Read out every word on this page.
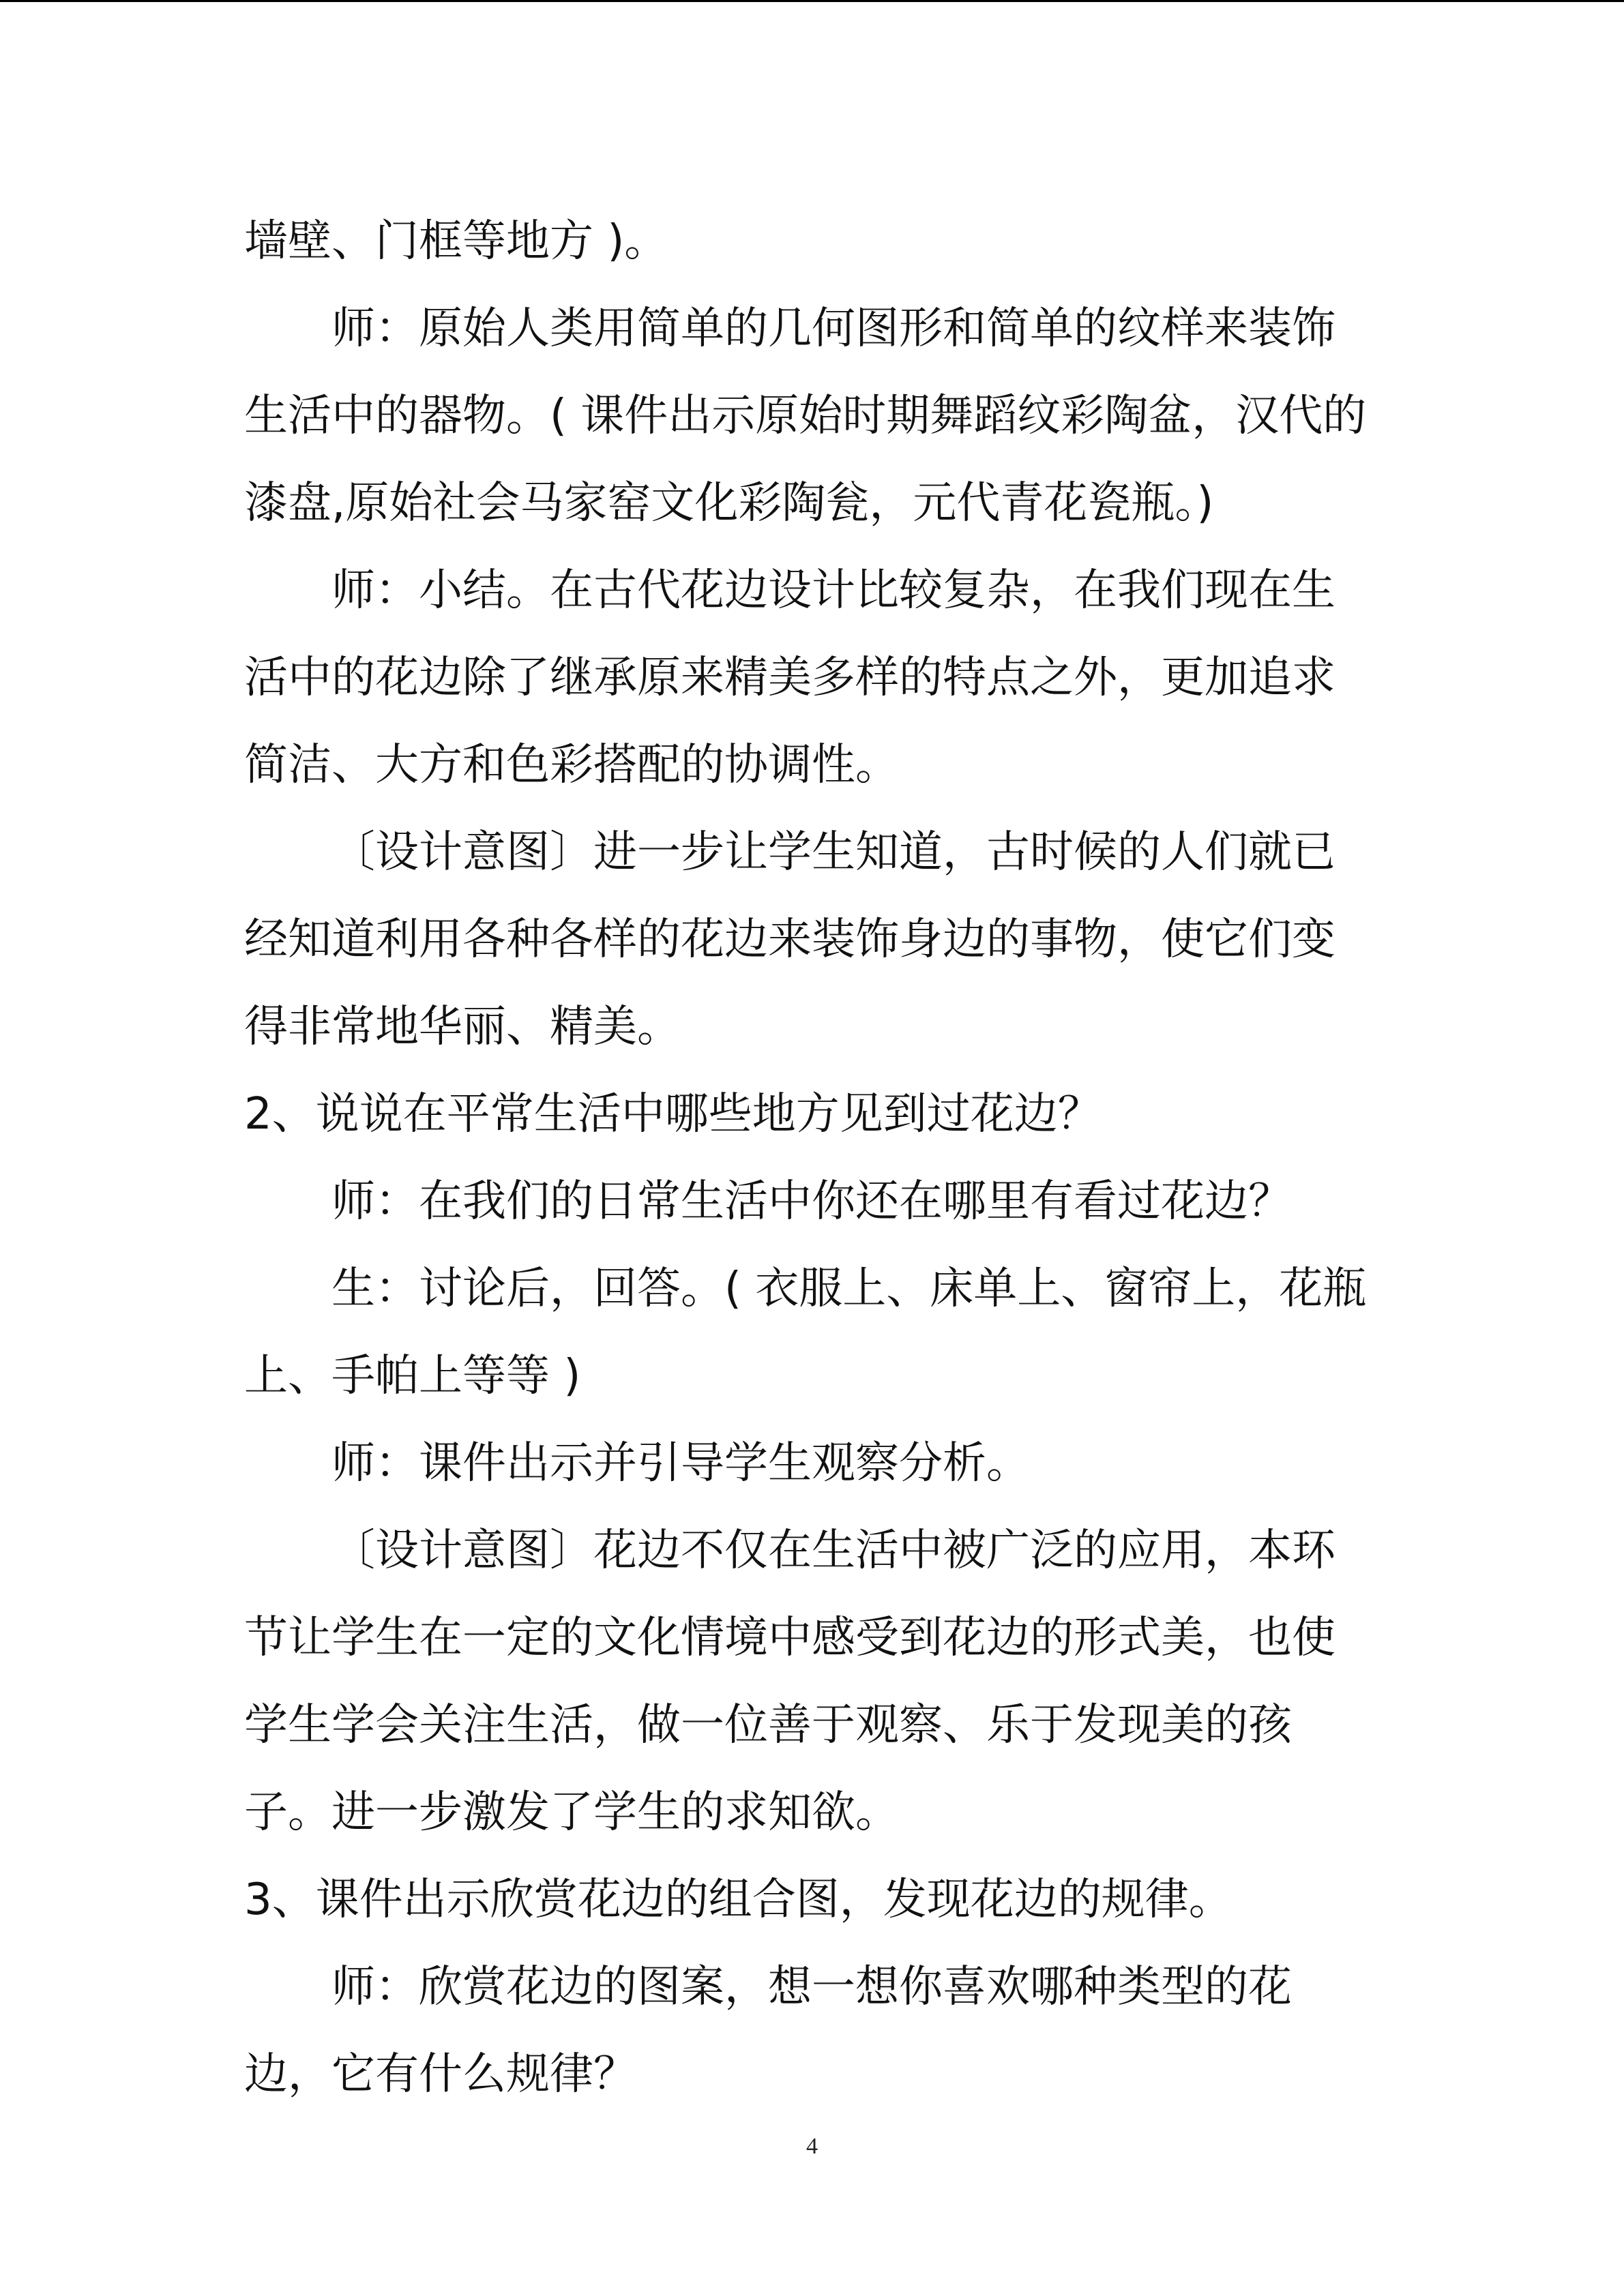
墙壁、门框等地方 )。
师：原始人类用简单的几何图形和简单的纹样来装饰
生活中的器物。( 课件出示原始时期舞蹈纹彩陶盆，汉代的
漆盘,原始社会马家窑文化彩陶瓮，元代青花瓷瓶。)
师：小结。在古代花边设计比较复杂，在我们现在生
活中的花边除了继承原来精美多样的特点之外，更加追求
简洁、大方和色彩搭配的协调性。
〔设计意图〕进一步让学生知道，古时候的人们就已
经知道利用各种各样的花边来装饰身边的事物，使它们变
得非常地华丽、精美。
2、说说在平常生活中哪些地方见到过花边？
师：在我们的日常生活中你还在哪里有看过花边？
生：讨论后，回答。( 衣服上、床单上、窗帘上，花瓶
上、手帕上等等 )
师：课件出示并引导学生观察分析。
〔设计意图〕花边不仅在生活中被广泛的应用，本环
节让学生在一定的文化情境中感受到花边的形式美，也使
学生学会关注生活，做一位善于观察、乐于发现美的孩
子。进一步激发了学生的求知欲。
3、课件出示欣赏花边的组合图，发现花边的规律。
师：欣赏花边的图案，想一想你喜欢哪种类型的花
边，它有什么规律？
4
